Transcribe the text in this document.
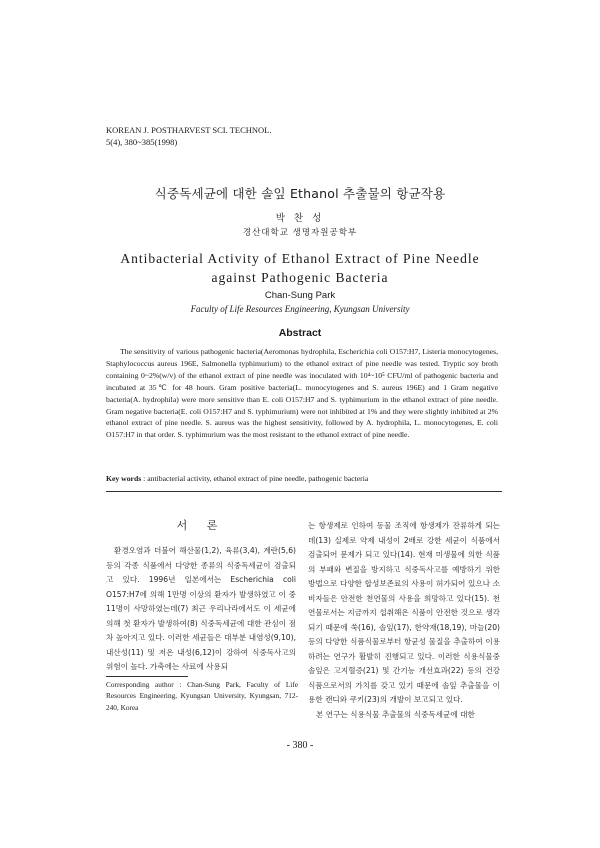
KOREAN J. POSTHARVEST SCI. TECHNOL.
5(4), 380~385(1998)
식중독세균에 대한 솔잎 Ethanol 추출물의 항균작용
박 찬 성
경산대학교 생명자원공학부
Antibacterial Activity of Ethanol Extract of Pine Needle
against Pathogenic Bacteria
Chan-Sung Park
Faculty of Life Resources Engineering, Kyungsan University
Abstract

The sensitivity of various pathogenic bacteria(Aeromonas hydrophila, Escherichia coli O157:H7, Listeria monocytogenes, Staphylococcus aureus 196E, Salmonella typhimurium) to the ethanol extract of pine needle was tested. Tryptic soy broth containing 0~2%(w/v) of the ethanol extract of pine needle was inoculated with 10⁴~10⁵ CFU/ml of pathogenic bacteria and incubated at 35℃ for 48 hours. Gram positive bacteria(L. monocytogenes and S. aureus 196E) and 1 Gram negative bacteria(A. hydrophila) were more sensitive than E. coli O157:H7 and S. typhimurium in the ethanol extract of pine needle. Gram negative bacteria(E. coli O157:H7 and S. typhimurium) were not inhibited at 1% and they were slightly inhibited at 2% ethanol extract of pine needle. S. aureus was the highest sensitivity, followed by A. hydrophila, L. monocytogenes, E. coli O157:H7 in that order. S. typhimurium was the most resistant to the ethanol extract of pine needle.

Key words : antibacterial activity, ethanol extract of pine needle, pathogenic bacteria
서 론

환경오염과 더불어 해산물(1,2), 육류(3,4), 계란(5,6) 등의 각종 식품에서 다양한 종류의 식중독세균이 검출되고 있다. 1996년 일본에서는 Escherichia coli O157:H7에 의해 1만명 이상의 환자가 발생하였고 이 중 11명이 사망하였는데(7) 최근 우리나라에서도 이 세균에 의해 첫 환자가 발생하여(8) 식중독세균에 대한 관심이 점차 높아지고 있다. 이러한 세균들은 대부분 내염성(9,10), 내산성(11) 및 저온 내성(6,12)이 강하여 식중독사고의 위험이 높다. 가축에는 사료에 사용되

는 항생제로 인하여 동물 조직에 항생제가 잔류하게 되는데(13) 실제로 약제 내성이 2배로 강한 세균이 식품에서 검출되어 문제가 되고 있다(14). 현재 미생물에 의한 식품의 부패와 변질을 방지하고 식중독사고를 예방하기 위한 방법으로 다양한 합성보존료의 사용이 허가되어 있으나 소비자들은 안전한 천연물의 사용을 희망하고 있다(15). 천연물로서는 지금까지 섭취해온 식품이 안전한 것으로 생각되기 때문에 쑥(16), 솔잎(17), 한약재(18,19), 마늘(20) 등의 다양한 식품식물로부터 항균성 물질을 추출하여 이용하려는 연구가 활발히 진행되고 있다. 이러한 식용식물중 솔잎은 고지혈증(21) 및 간기능 개선효과(22) 등의 건강식품으로서의 가치를 갖고 있기 때문에 솔잎 추출물을 이용한 캔디와 쿠키(23)의 개발이 보고되고 있다.

본 연구는 식용식물 추출물의 식중독세균에 대한

Corresponding author : Chan-Sung Park, Faculty of Life Resources Engineering, Kyungsan University, Kyungsan, 712-240, Korea
- 380 -
